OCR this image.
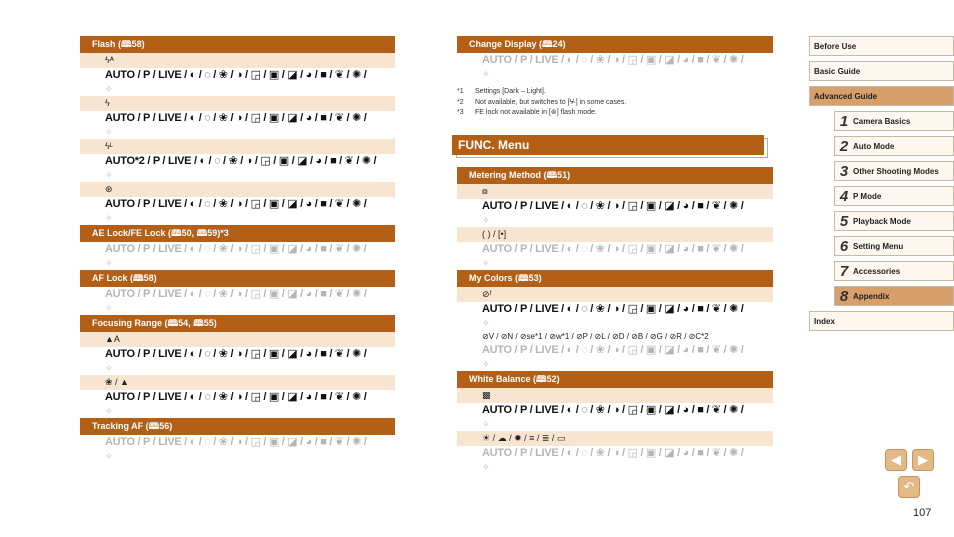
Flash (🕮58)
ϟᴬ
AUTO / P / LIVE / ◐ / ◌ / ❀ / ◑ / ◲ / ▣ / ◪ / ◕ / ■ / ❦ / ✺ /
✧
ϟ
AUTO / P / LIVE / ◐ / ◌ / ❀ / ◑ / ◲ / ▣ / ◪ / ◕ / ■ / ❦ / ✺ /
✧
ϟᴸ
AUTO*2 / P / LIVE / ◐ / ◌ / ❀ / ◑ / ◲ / ▣ / ◪ / ◕ / ■ / ❦ / ✺ /
✧
⊛
AUTO / P / LIVE / ◐ / ◌ / ❀ / ◑ / ◲ / ▣ / ◪ / ◕ / ■ / ❦ / ✺ /
✧
AE Lock/FE Lock (🕮50, 🕮59)*3
AUTO / P / LIVE / ◐ / ◌ / ❀ / ◑ / ◲ / ▣ / ◪ / ◕ / ■ / ❦ / ✺ /
✧
AF Lock (🕮58)
AUTO / P / LIVE / ◐ / ◌ / ❀ / ◑ / ◲ / ▣ / ◪ / ◕ / ■ / ❦ / ✺ /
✧
Focusing Range (🕮54, 🕮55)
▲A
AUTO / P / LIVE / ◐ / ◌ / ❀ / ◑ / ◲ / ▣ / ◪ / ◕ / ■ / ❦ / ✺ /
✧
❀ / ▲
AUTO / P / LIVE / ◐ / ◌ / ❀ / ◑ / ◲ / ▣ / ◪ / ◕ / ■ / ❦ / ✺ /
✧
Tracking AF (🕮56)
AUTO / P / LIVE / ◐ / ◌ / ❀ / ◑ / ◲ / ▣ / ◪ / ◕ / ■ / ❦ / ✺ /
✧
Change Display (🕮24)
AUTO / P / LIVE / ◐ / ◌ / ❀ / ◑ / ◲ / ▣ / ◪ / ◕ / ■ / ❦ / ✺ /
✧
*1	Settings [Dark – Light].
*2	Not available, but switches to [ϟᴸ] in some cases.
*3	FE lock not available in [⊛] flash mode.
FUNC. Menu
Metering Method (🕮51)
⧇
AUTO / P / LIVE / ◐ / ◌ / ❀ / ◑ / ◲ / ▣ / ◪ / ◕ / ■ / ❦ / ✺ /
✧
( ) / [•]
AUTO / P / LIVE / ◐ / ◌ / ❀ / ◑ / ◲ / ▣ / ◪ / ◕ / ■ / ❦ / ✺ /
✧
My Colors (🕮53)
⊘ᶠ
AUTO / P / LIVE / ◐ / ◌ / ❀ / ◑ / ◲ / ▣ / ◪ / ◕ / ■ / ❦ / ✺ /
✧
⊘V / ⊘N / ⊘se*1 / ⊘w*1 / ⊘P / ⊘L / ⊘D / ⊘B / ⊘G / ⊘R / ⊘C*2
AUTO / P / LIVE / ◐ / ◌ / ❀ / ◑ / ◲ / ▣ / ◪ / ◕ / ■ / ❦ / ✺ /
✧
White Balance (🕮52)
▩
AUTO / P / LIVE / ◐ / ◌ / ❀ / ◑ / ◲ / ▣ / ◪ / ◕ / ■ / ❦ / ✺ /
✧
☀ / ☁ / ✹ / ≡ / ≣ / ▭
AUTO / P / LIVE / ◐ / ◌ / ❀ / ◑ / ◲ / ▣ / ◪ / ◕ / ■ / ❦ / ✺ /
✧
Before Use
Basic Guide
Advanced Guide
1 Camera Basics
2 Auto Mode
3 Other Shooting Modes
4 P Mode
5 Playback Mode
6 Setting Menu
7 Accessories
8 Appendix
Index
◀	▶
↶
107
